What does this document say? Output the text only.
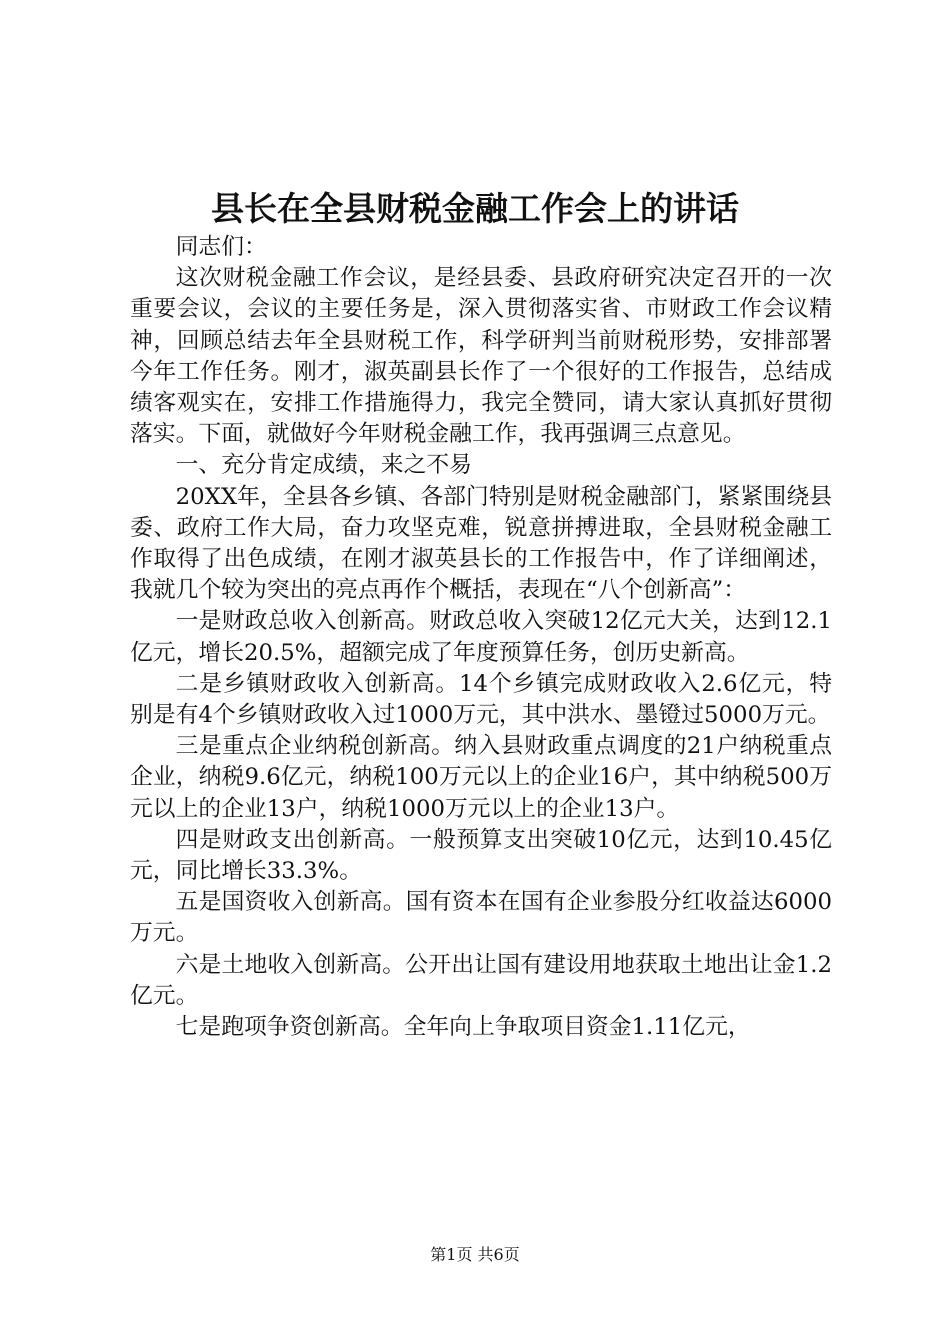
县长在全县财税金融工作会上的讲话

同志们：

这次财税金融工作会议，是经县委、县政府研究决定召开的一次重要会议，会议的主要任务是，深入贯彻落实省、市财政工作会议精神，回顾总结去年全县财税工作，科学研判当前财税形势，安排部署今年工作任务。刚才，淑英副县长作了一个很好的工作报告，总结成绩客观实在，安排工作措施得力，我完全赞同，请大家认真抓好贯彻落实。下面，就做好今年财税金融工作，我再强调三点意见。

一、充分肯定成绩，来之不易

20XX年，全县各乡镇、各部门特别是财税金融部门，紧紧围绕县委、政府工作大局，奋力攻坚克难，锐意拼搏进取，全县财税金融工作取得了出色成绩，在刚才淑英县长的工作报告中，作了详细阐述，我就几个较为突出的亮点再作个概括，表现在“八个创新高”：

一是财政总收入创新高。财政总收入突破12亿元大关，达到12.1亿元，增长20.5%，超额完成了年度预算任务，创历史新高。

二是乡镇财政收入创新高。14个乡镇完成财政收入2.6亿元，特别是有4个乡镇财政收入过1000万元，其中洪水、墨镫过5000万元。

三是重点企业纳税创新高。纳入县财政重点调度的21户纳税重点企业，纳税9.6亿元，纳税100万元以上的企业16户，其中纳税500万元以上的企业13户，纳税1000万元以上的企业13户。

四是财政支出创新高。一般预算支出突破10亿元，达到10.45亿元，同比增长33.3%。

五是国资收入创新高。国有资本在国有企业参股分红收益达6000万元。

六是土地收入创新高。公开出让国有建设用地获取土地出让金1.2亿元。

七是跑项争资创新高。全年向上争取项目资金1.11亿元，

第1页 共6页
